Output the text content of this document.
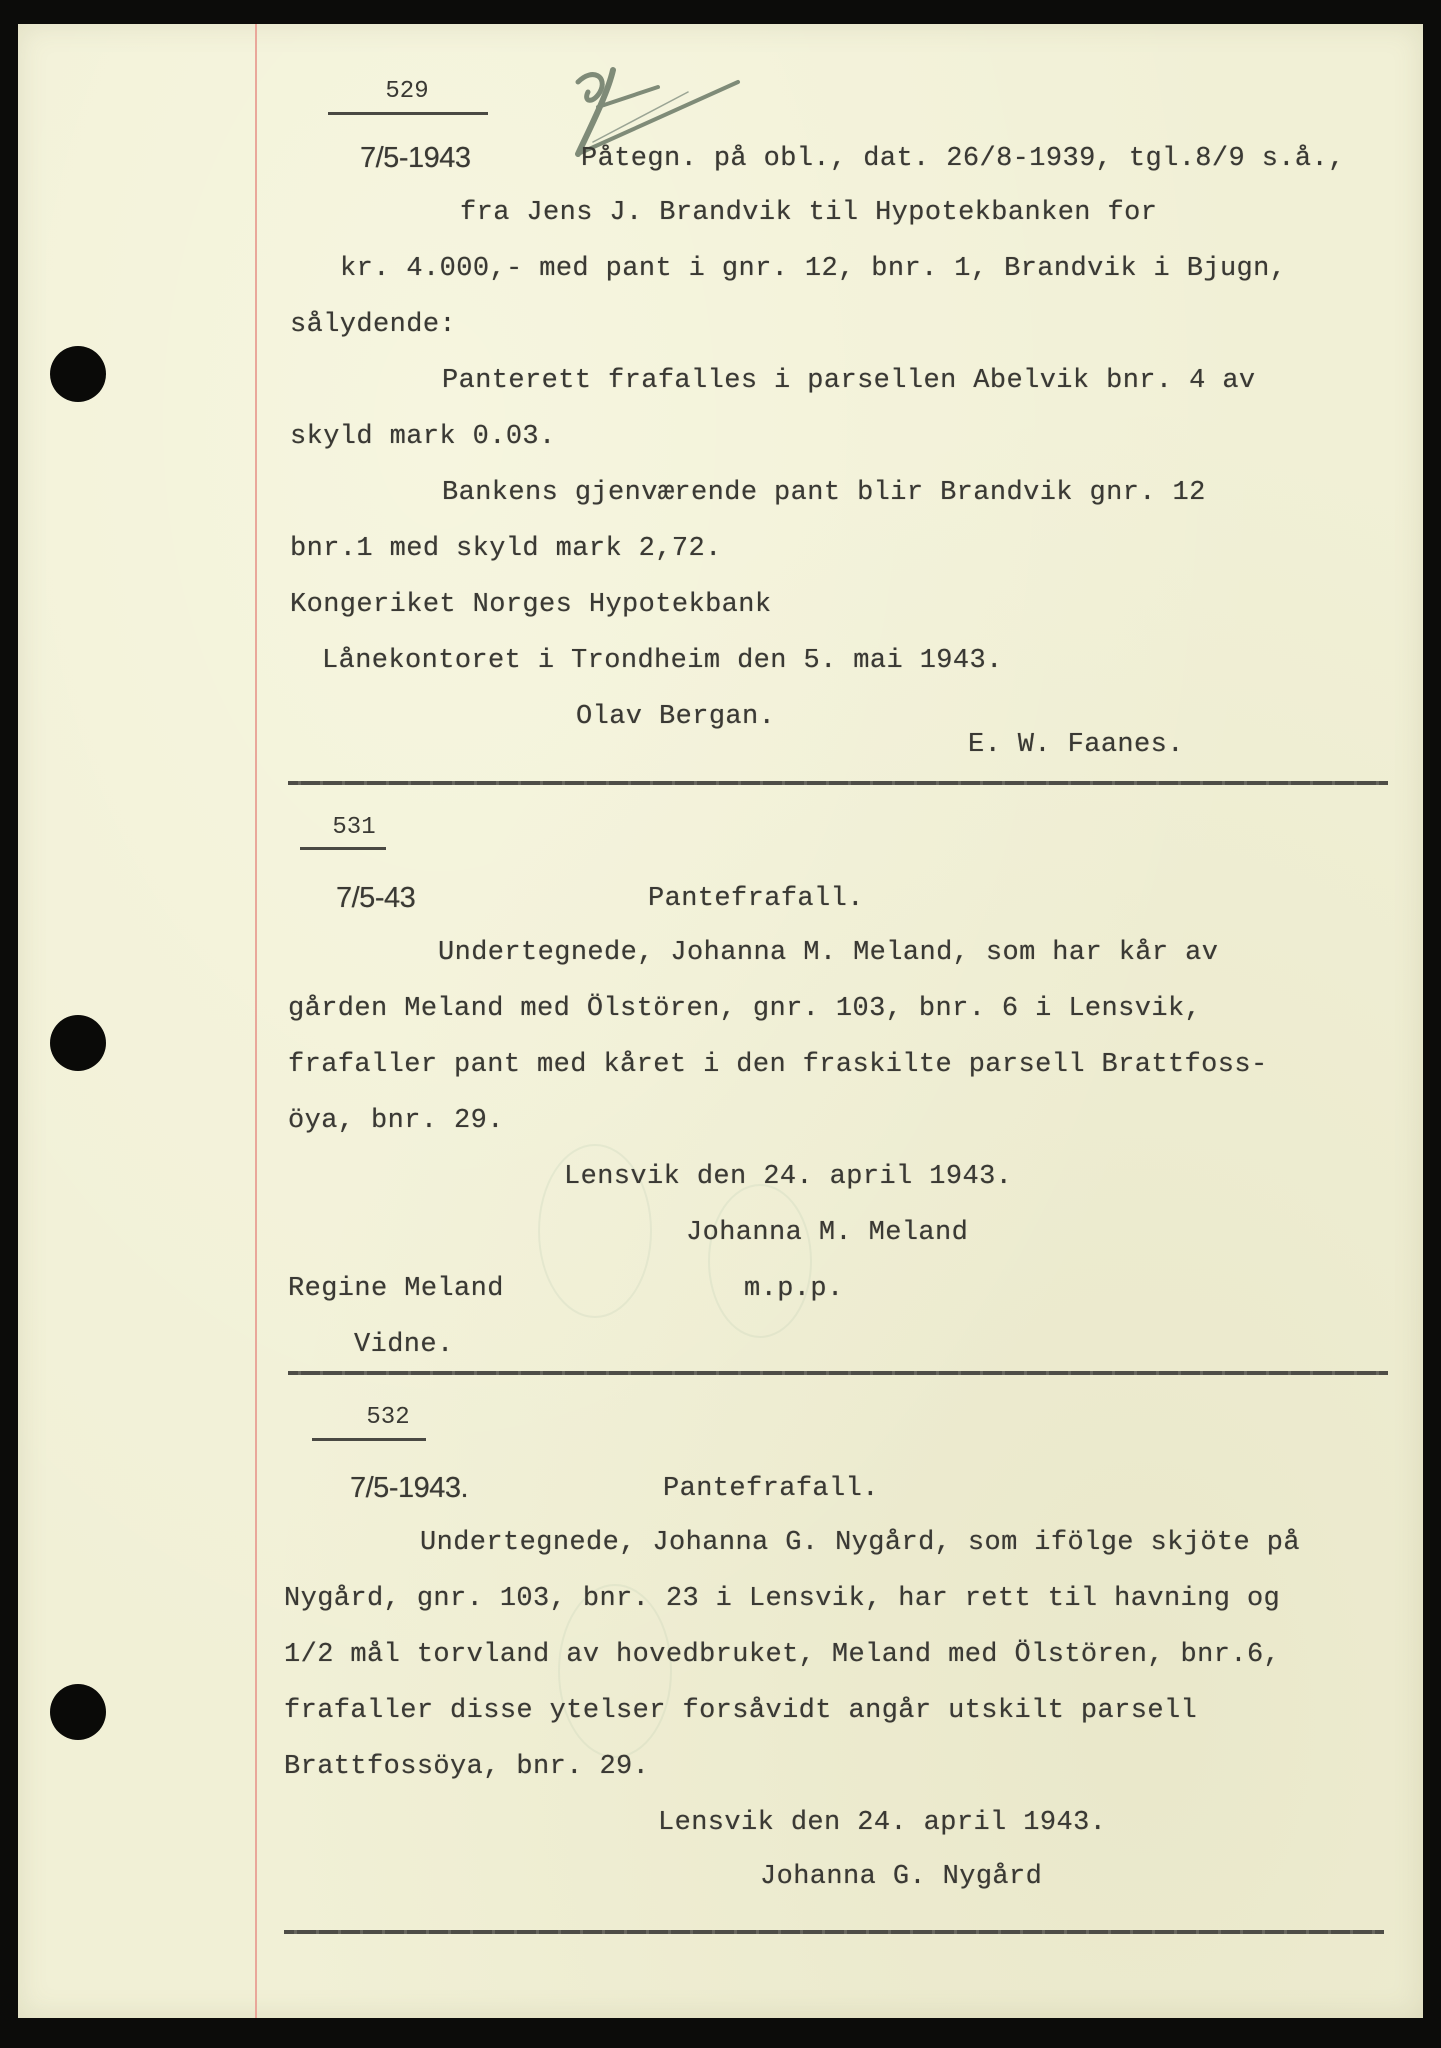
529
7/5-1943	Påtegn. på obl., dat. 26/8-1939, tgl.8/9 s.å.,
fra Jens J. Brandvik til Hypotekbanken for
kr. 4.000,- med pant i gnr. 12, bnr. 1, Brandvik i Bjugn,
sålydende:
Panterett frafalles i parsellen Abelvik bnr. 4 av
skyld mark 0.03.
Bankens gjenværende pant blir Brandvik gnr. 12
bnr.1 med skyld mark 2,72.
Kongeriket Norges Hypotekbank
Lånekontoret i Trondheim den 5. mai 1943.
Olav Bergan.
E. W. Faanes.
531
7/5-43	Pantefrafall.
Undertegnede, Johanna M. Meland, som har kår av
gården Meland med Ölstören, gnr. 103, bnr. 6 i Lensvik,
frafaller pant med kåret i den fraskilte parsell Brattfoss-
öya, bnr. 29.
Lensvik den 24. april 1943.
Johanna M. Meland
Regine Meland	m.p.p.
Vidne.
532
7/5-1943.	Pantefrafall.
Undertegnede, Johanna G. Nygård, som ifölge skjöte på
Nygård, gnr. 103, bnr. 23 i Lensvik, har rett til havning og
1/2 mål torvland av hovedbruket, Meland med Ölstören, bnr.6,
frafaller disse ytelser forsåvidt angår utskilt parsell
Brattfossöya, bnr. 29.
Lensvik den 24. april 1943.
Johanna G. Nygård
